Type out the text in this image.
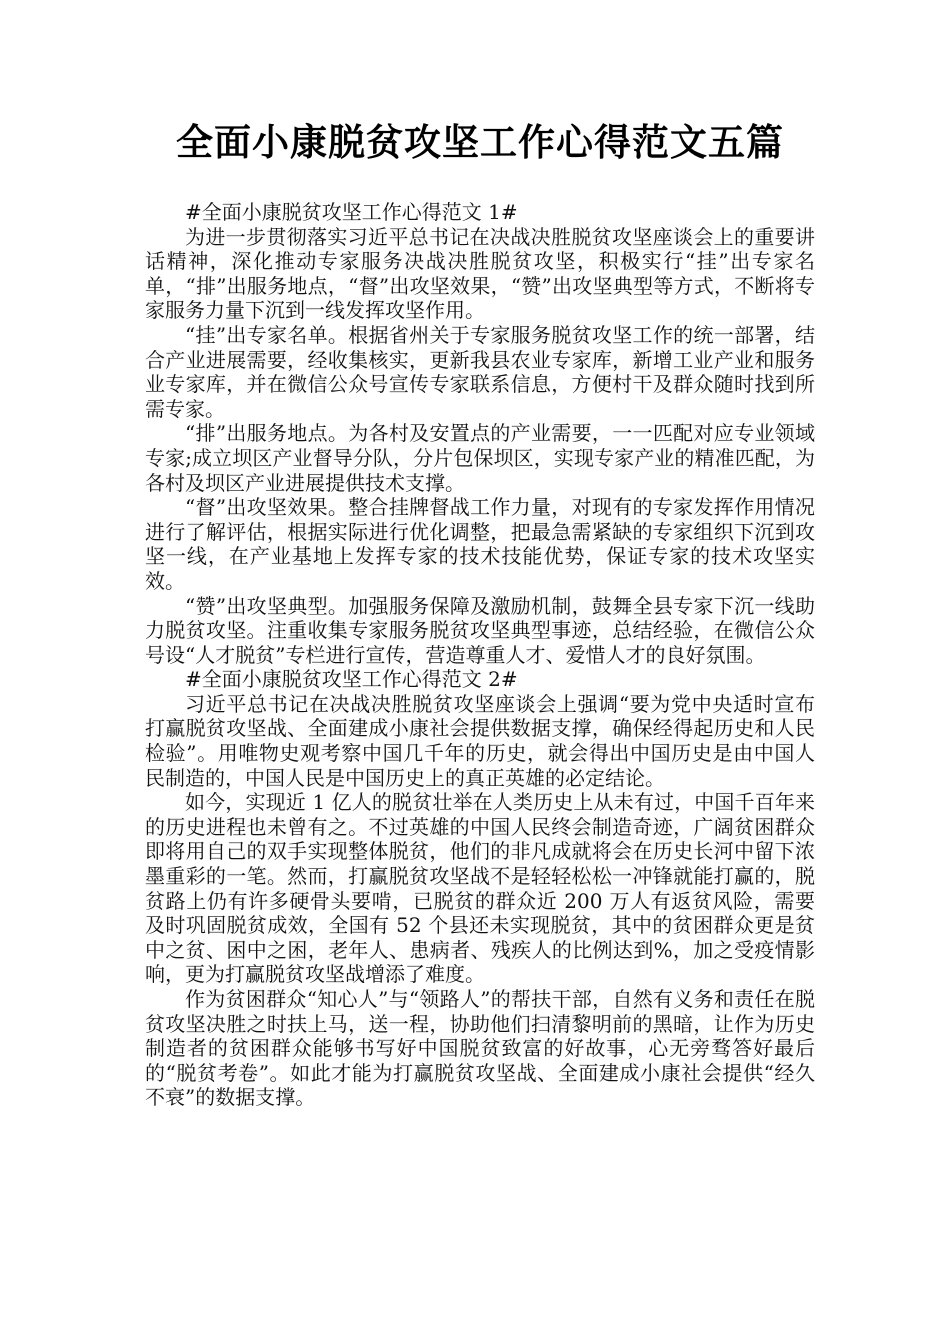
全面小康脱贫攻坚工作心得范文五篇

#全面小康脱贫攻坚工作心得范文 1#

为进一步贯彻落实习近平总书记在决战决胜脱贫攻坚座谈会上的重要讲话精神，深化推动专家服务决战决胜脱贫攻坚，积极实行“挂”出专家名单，“排”出服务地点，“督”出攻坚效果，“赞”出攻坚典型等方式，不断将专家服务力量下沉到一线发挥攻坚作用。

“挂”出专家名单。根据省州关于专家服务脱贫攻坚工作的统一部署，结合产业进展需要，经收集核实，更新我县农业专家库，新增工业产业和服务业专家库，并在微信公众号宣传专家联系信息，方便村干及群众随时找到所需专家。

“排”出服务地点。为各村及安置点的产业需要，一一匹配对应专业领域专家;成立坝区产业督导分队，分片包保坝区，实现专家产业的精准匹配，为各村及坝区产业进展提供技术支撑。

“督”出攻坚效果。整合挂牌督战工作力量，对现有的专家发挥作用情况进行了解评估，根据实际进行优化调整，把最急需紧缺的专家组织下沉到攻坚一线，在产业基地上发挥专家的技术技能优势，保证专家的技术攻坚实效。

“赞”出攻坚典型。加强服务保障及激励机制，鼓舞全县专家下沉一线助力脱贫攻坚。注重收集专家服务脱贫攻坚典型事迹，总结经验，在微信公众号设“人才脱贫”专栏进行宣传，营造尊重人才、爱惜人才的良好氛围。

#全面小康脱贫攻坚工作心得范文 2#

习近平总书记在决战决胜脱贫攻坚座谈会上强调“要为党中央适时宣布打赢脱贫攻坚战、全面建成小康社会提供数据支撑，确保经得起历史和人民检验”。用唯物史观考察中国几千年的历史，就会得出中国历史是由中国人民制造的，中国人民是中国历史上的真正英雄的必定结论。

如今，实现近 1 亿人的脱贫壮举在人类历史上从未有过，中国千百年来的历史进程也未曾有之。不过英雄的中国人民终会制造奇迹，广阔贫困群众即将用自己的双手实现整体脱贫，他们的非凡成就将会在历史长河中留下浓墨重彩的一笔。然而，打赢脱贫攻坚战不是轻轻松松一冲锋就能打赢的，脱贫路上仍有许多硬骨头要啃，已脱贫的群众近 200 万人有返贫风险，需要及时巩固脱贫成效，全国有 52 个县还未实现脱贫，其中的贫困群众更是贫中之贫、困中之困，老年人、患病者、残疾人的比例达到%，加之受疫情影响，更为打赢脱贫攻坚战增添了难度。

作为贫困群众“知心人”与“领路人”的帮扶干部，自然有义务和责任在脱贫攻坚决胜之时扶上马，送一程，协助他们扫清黎明前的黑暗，让作为历史制造者的贫困群众能够书写好中国脱贫致富的好故事，心无旁骛答好最后的“脱贫考卷”。如此才能为打赢脱贫攻坚战、全面建成小康社会提供“经久不衰”的数据支撑。
